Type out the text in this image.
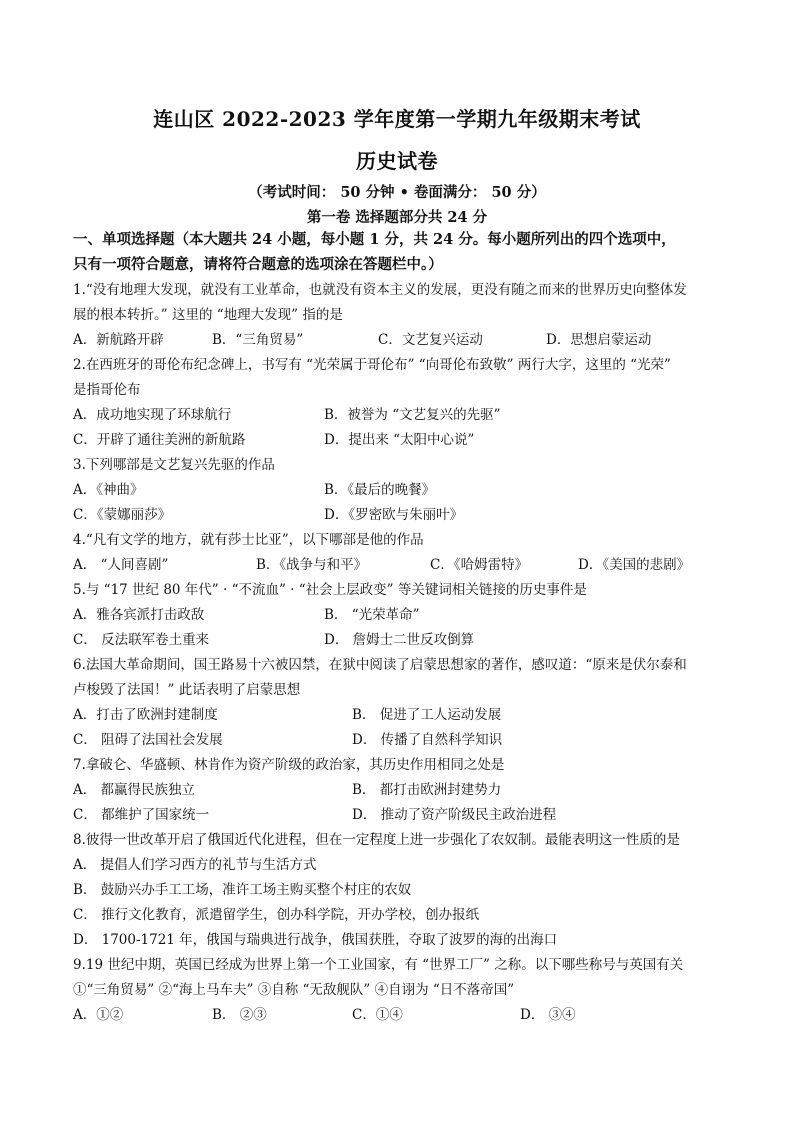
连山区 2022-2023 学年度第一学期九年级期末考试
历史试卷
（考试时间： 50 分钟 • 卷面满分： 50 分）
第一卷 选择题部分共 24 分
一、单项选择题（本大题共 24 小题，每小题 1 分，共 24 分。每小题所列出的四个选项中，
只有一项符合题意，请将符合题意的选项涂在答题栏中。）
1.“没有地理大发现，就没有工业革命，也就没有资本主义的发展，更没有随之而来的世界历史向整体发
展的根本转折。” 这里的 “地理大发现” 指的是
A．新航路开辟	B．“三角贸易”	C．文艺复兴运动	D．思想启蒙运动
2.在西班牙的哥伦布纪念碑上，书写有 “光荣属于哥伦布” “向哥伦布致敬” 两行大字，这里的 “光荣”
是指哥伦布
A．成功地实现了环球航行	B．被誉为 “文艺复兴的先驱”
C．开辟了通往美洲的新航路	D．提出来 “太阳中心说”
3.下列哪部是文艺复兴先驱的作品
A．《神曲》	B．《最后的晚餐》
C．《蒙娜丽莎》	D．《罗密欧与朱丽叶》
4.“凡有文学的地方，就有莎士比亚”，以下哪部是他的作品
A． “人间喜剧”	B．《战争与和平》	C．《哈姆雷特》	D．《美国的悲剧》
5.与 “17 世纪 80 年代” · “不流血” · “社会上层政变” 等关键词相关链接的历史事件是
A．雅各宾派打击政敌	B． “光荣革命”
C． 反法联军卷土重来	D． 詹姆士二世反攻倒算
6.法国大革命期间，国王路易十六被囚禁，在狱中阅读了启蒙思想家的著作，感叹道：“原来是伏尔泰和
卢梭毁了法国！” 此话表明了启蒙思想
A．打击了欧洲封建制度	B． 促进了工人运动发展
C． 阻碍了法国社会发展	D． 传播了自然科学知识
7.拿破仑、华盛顿、林肯作为资产阶级的政治家，其历史作用相同之处是
A． 都赢得民族独立	B． 都打击欧洲封建势力
C． 都维护了国家统一	D． 推动了资产阶级民主政治进程
8.彼得一世改革开启了俄国近代化进程，但在一定程度上进一步强化了农奴制。最能表明这一性质的是
A． 提倡人们学习西方的礼节与生活方式
B． 鼓励兴办手工工场，准许工场主购买整个村庄的农奴
C． 推行文化教育，派遣留学生，创办科学院，开办学校，创办报纸
D． 1700-1721 年，俄国与瑞典进行战争，俄国获胜，夺取了波罗的海的出海口
9.19 世纪中期，英国已经成为世界上第一个工业国家，有 “世界工厂” 之称。以下哪些称号与英国有关
①“三角贸易” ②“海上马车夫” ③自称 “无敌舰队” ④自诩为 “日不落帝国”
A．①②	B． ②③	C．①④	D． ③④
